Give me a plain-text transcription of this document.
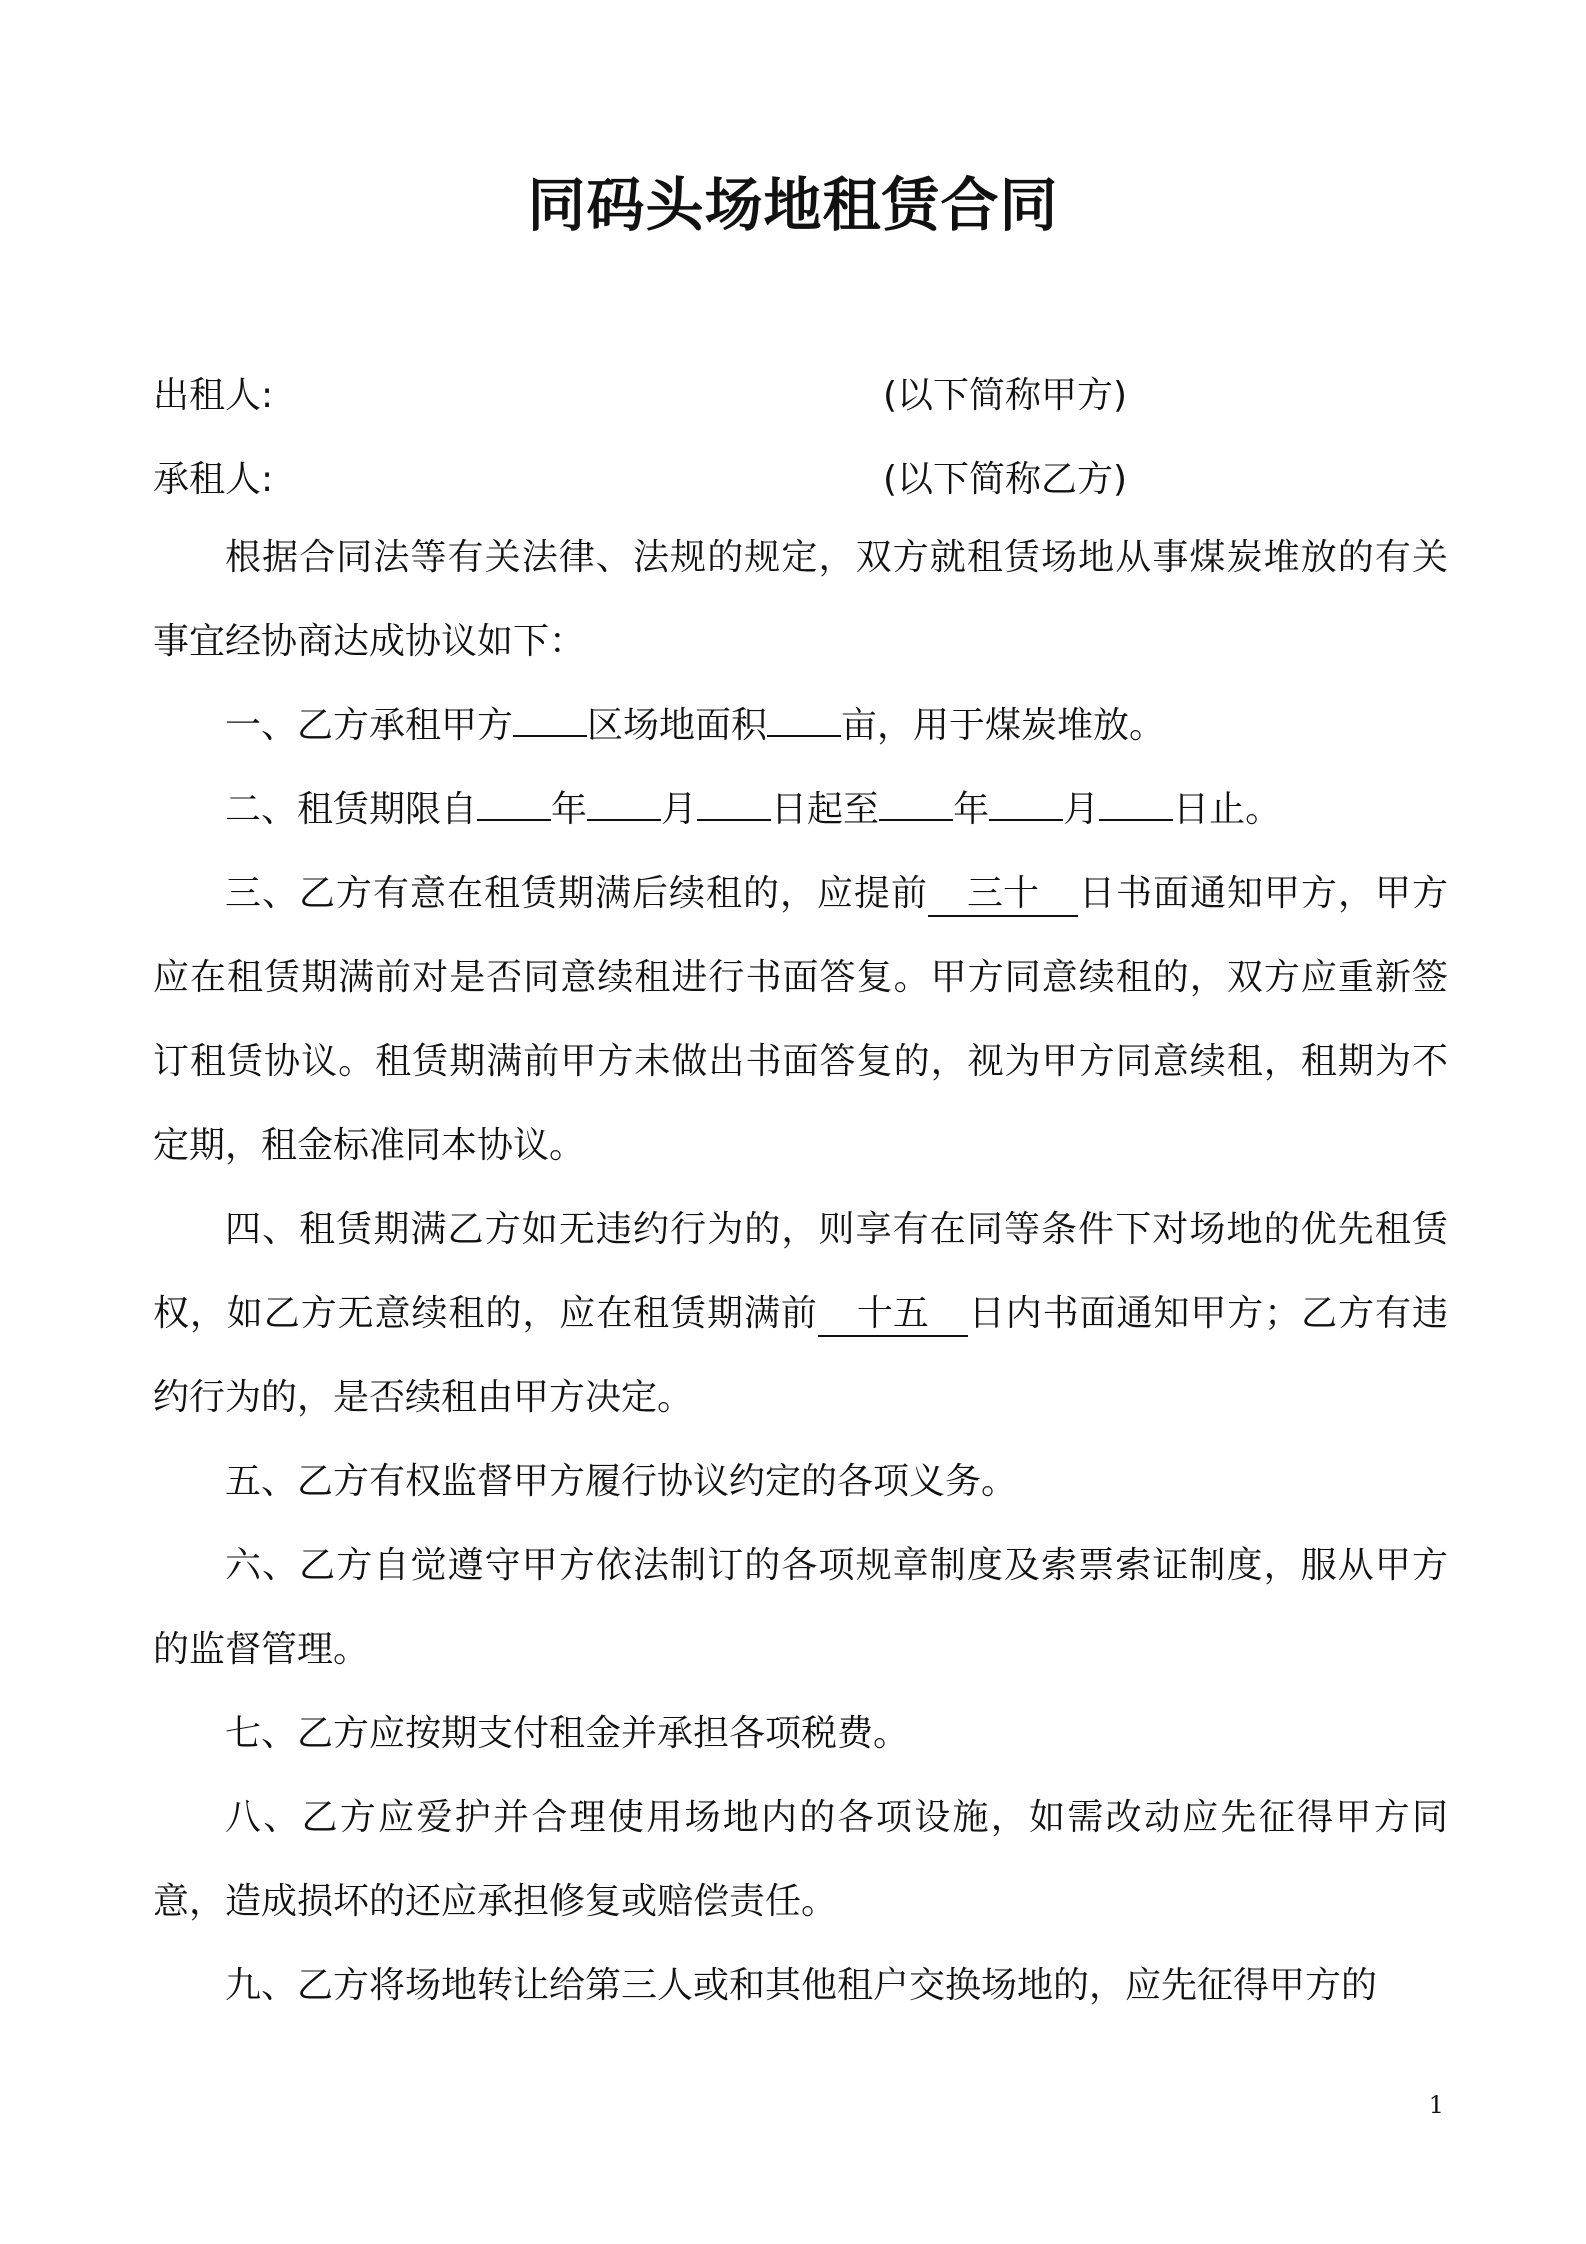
同码头场地租赁合同
出租人:	(以下简称甲方)
承租人:	(以下简称乙方)

根据合同法等有关法律、法规的规定，双方就租赁场地从事煤炭堆放的有关事宜经协商达成协议如下：

一、乙方承租甲方 区场地面积 亩，用于煤炭堆放。

二、租赁期限自 年 月 日起至 年 月 日止。

三、乙方有意在租赁期满后续租的，应提前 三十 日书面通知甲方，甲方应在租赁期满前对是否同意续租进行书面答复。甲方同意续租的，双方应重新签订租赁协议。租赁期满前甲方未做出书面答复的，视为甲方同意续租，租期为不定期，租金标准同本协议。

四、租赁期满乙方如无违约行为的，则享有在同等条件下对场地的优先租赁权，如乙方无意续租的，应在租赁期满前 十五 日内书面通知甲方；乙方有违约行为的，是否续租由甲方决定。

五、乙方有权监督甲方履行协议约定的各项义务。

六、乙方自觉遵守甲方依法制订的各项规章制度及索票索证制度，服从甲方的监督管理。

七、乙方应按期支付租金并承担各项税费。

八、乙方应爱护并合理使用场地内的各项设施，如需改动应先征得甲方同意，造成损坏的还应承担修复或赔偿责任。

九、乙方将场地转让给第三人或和其他租户交换场地的，应先征得甲方的

1
